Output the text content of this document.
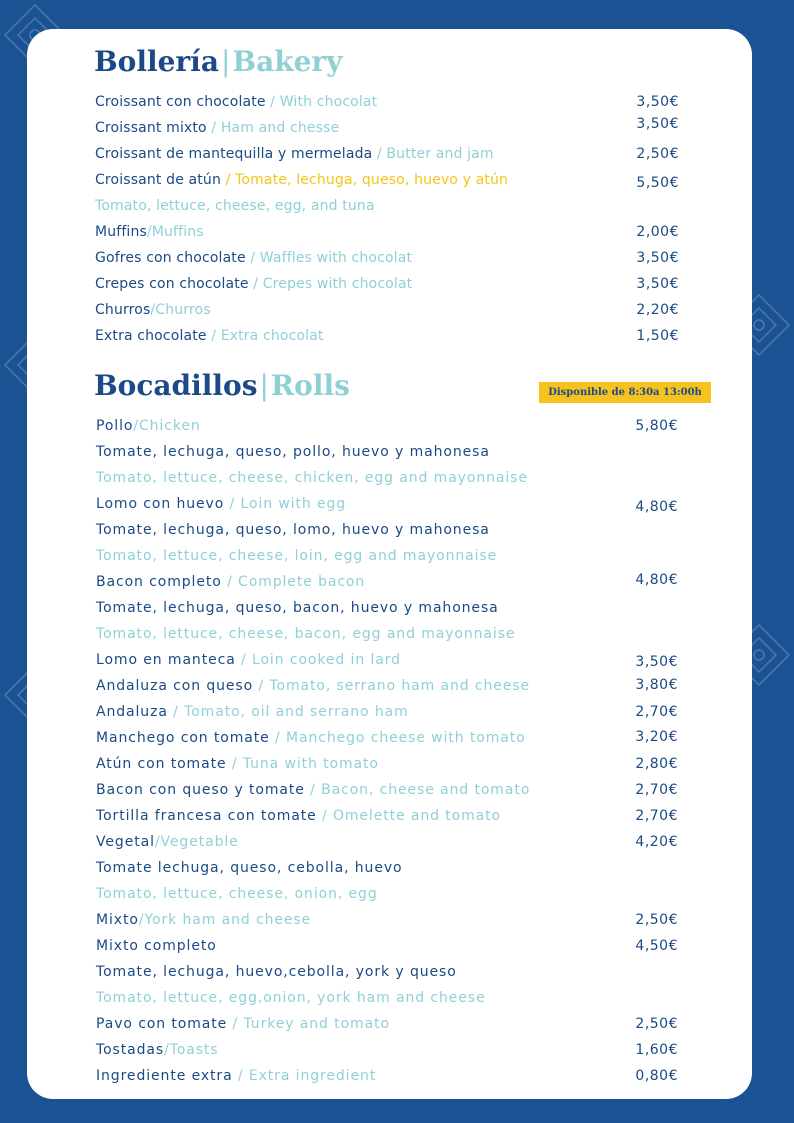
Bollería|Bakery
Croissant con chocolate / With chocolat	3,50€
Croissant mixto / Ham and chesse	3,50€
Croissant de mantequilla y mermelada / Butter and jam	2,50€
Croissant de atún / Tomate, lechuga, queso, huevo y atún	5,50€
Tomato, lettuce, cheese, egg, and tuna
Muffins/Muffins	2,00€
Gofres con chocolate / Waffles with chocolat	3,50€
Crepes con chocolate / Crepes with chocolat	3,50€
Churros/Churros	2,20€
Extra chocolate / Extra chocolat	1,50€
Bocadillos|Rolls	Disponible de 8:30a 13:00h
Pollo/Chicken	5,80€
Tomate, lechuga, queso, pollo, huevo y mahonesa
Tomato, lettuce, cheese, chicken, egg and mayonnaise
Lomo con huevo / Loin with egg	4,80€
Tomate, lechuga, queso, lomo, huevo y mahonesa
Tomato, lettuce, cheese, loin, egg and mayonnaise
Bacon completo / Complete bacon	4,80€
Tomate, lechuga, queso, bacon, huevo y mahonesa
Tomato, lettuce, cheese, bacon, egg and mayonnaise
Lomo en manteca / Loin cooked in lard	3,50€
Andaluza con queso / Tomato, serrano ham and cheese	3,80€
Andaluza / Tomato, oil and serrano ham	2,70€
Manchego con tomate / Manchego cheese with tomato	3,20€
Atún con tomate / Tuna with tomato	2,80€
Bacon con queso y tomate / Bacon, cheese and tomato	2,70€
Tortilla francesa con tomate / Omelette and tomato	2,70€
Vegetal/Vegetable	4,20€
Tomate lechuga, queso, cebolla, huevo
Tomato, lettuce, cheese, onion, egg
Mixto/York ham and cheese	2,50€
Mixto completo	4,50€
Tomate, lechuga, huevo,cebolla, york y queso
Tomato, lettuce, egg,onion, york ham and cheese
Pavo con tomate / Turkey and tomato	2,50€
Tostadas/Toasts	1,60€
Ingrediente extra / Extra ingredient	0,80€
